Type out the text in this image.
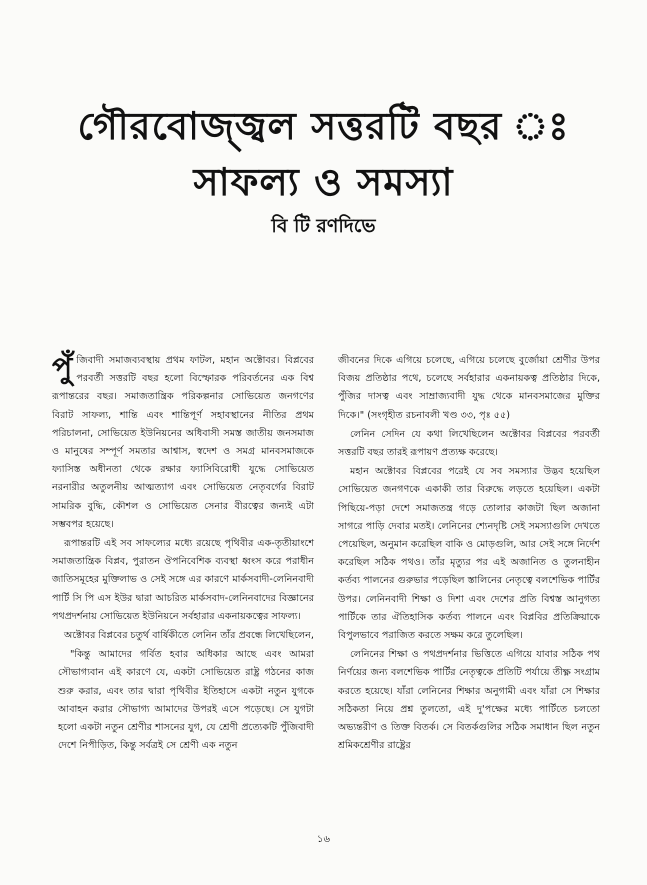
গৌরবোজ্জ্বল সত্তরটি বছর ঃ
সাফল্য ও সমস্যা
বি টি রণদিভে

পুঁজিবাদী সমাজব্যবস্থায় প্রথম ফাটল, মহান অক্টোবর। বিপ্লবের পরবর্তী সত্তরটি বছর হলো বিস্ফোরক পরিবর্তনের এক বিশ্ব রূপান্তরের বছর। সমাজতান্ত্রিক পরিকল্পনার সোভিয়েত জনগণের বিরাট সাফল্য, শান্তি এবং শান্তিপূর্ণ সহাবস্থানের নীতির প্রথম পরিচালনা, সোভিয়েত ইউনিয়নের অধিবাসী সমস্ত জাতীয় জনসমাজ ও মানুষের সম্পূর্ণ সমতার আশ্বাস, স্বদেশ ও সমগ্র মানবসমাজকে ফ্যাসিস্ত অধীনতা থেকে রক্ষার ফ্যাসিবিরোধী যুদ্ধে সোভিয়েত নরনারীর অতুলনীয় আত্মত্যাগ এবং সোভিয়েত নেতৃবর্গের বিরাট সামরিক বুদ্ধি, কৌশল ও সোভিয়েত সেনার বীরত্বের জন্যই এটা সম্ভবপর হয়েছে।

রূপান্তরটি এই সব সাফল্যের মধ্যে রয়েছে পৃথিবীর এক-তৃতীয়াংশে সমাজতান্ত্রিক বিপ্লব, পুরাতন ঔপনিবেশিক ব্যবস্থা ধ্বংস করে পরাধীন জাতিসমূহের মুক্তিলাভ ও সেই সঙ্গে এর কারণে মার্কসবাদী-লেনিনবাদী পার্টি সি পি এস ইউর দ্বারা আচরিত মার্কসবাদ-লেনিনবাদের বিজ্ঞানের পথপ্রদর্শনায় সোভিয়েত ইউনিয়নে সর্বহারার একনায়কত্বের সাফল্য।

অক্টোবর বিপ্লবের চতুর্থ বার্ষিকীতে লেনিন তাঁর প্রবন্ধে লিখেছিলেন,

"কিন্তু আমাদের গর্বিত হবার অধিকার আছে এবং আমরা সৌভাগ্যবান এই কারণে যে, একটা সোভিয়েত রাষ্ট্র গঠনের কাজ শুরু করার, এবং তার দ্বারা পৃথিবীর ইতিহাসে একটা নতুন যুগকে আবাহন করার সৌভাগ্য আমাদের উপরই এসে পড়েছে। সে যুগটা হলো একটা নতুন শ্রেণীর শাসনের যুগ, যে শ্রেণী প্রত্যেকটি পুঁজিবাদী দেশে নিপীড়িত, কিন্তু সর্বত্রই সে শ্রেণী এক নতুন

জীবনের দিকে এগিয়ে চলেছে, এগিয়ে চলেছে বুর্জোয়া শ্রেণীর উপর বিজয় প্রতিষ্ঠার পথে, চলেছে সর্বহারার একনায়কত্ব প্রতিষ্ঠার দিকে, পুঁজির দাসত্ব এবং সাম্রাজ্যবাদী যুদ্ধ থেকে মানবসমাজের মুক্তির দিকে।" (সংগৃহীত রচনাবলী খণ্ড ৩৩, পৃঃ ৫৫)

লেনিন সেদিন যে কথা লিখেছিলেন অক্টোবর বিপ্লবের পরবর্তী সত্তরটি বছর তারই রূপায়ণ প্রত্যক্ষ করেছে।

মহান অক্টোবর বিপ্লবের পরেই যে সব সমস্যার উদ্ভব হয়েছিল সোভিয়েত জনগণকে একাকী তার বিরুদ্ধে লড়তে হয়েছিল। একটা পিছিয়ে-পড়া দেশে সমাজতন্ত্র গড়ে তোলার কাজটা ছিল অজানা সাগরে পাড়ি দেবার মতই। লেনিনের শ্যেনদৃষ্টি সেই সমস্যাগুলি দেখতে পেয়েছিল, অনুমান করেছিল বাকি ও মোড়গুলি, আর সেই সঙ্গে নির্দেশ করেছিল সঠিক পথও। তাঁর মৃত্যুর পর এই অজানিত ও তুলনাহীন কর্তব্য পালনের গুরুভার পড়েছিল স্তালিনের নেতৃত্বে বলশেভিক পার্টির উপর। লেনিনবাদী শিক্ষা ও দিশা এবং দেশের প্রতি বিশ্বস্ত আনুগত্য পার্টিকে তার ঐতিহাসিক কর্তব্য পালনে এবং বিপ্লবির প্রতিক্রিয়াকে বিপুলভাবে পরাজিত করতে সক্ষম করে তুলেছিল।

লেনিনের শিক্ষা ও পথপ্রদর্শনার ভিত্তিতে এগিয়ে যাবার সঠিক পথ নির্ণয়ের জন্য বলশেভিক পার্টির নেতৃত্বকে প্রতিটি পর্যায়ে তীক্ষ্ণ সংগ্রাম করতে হয়েছে। যাঁরা লেনিনের শিক্ষার অনুগামী এবং যাঁরা সে শিক্ষার সঠিকতা নিয়ে প্রশ্ন তুলতো, এই দু'পক্ষের মধ্যে পার্টিতে চলতো অভ্যন্তরীণ ও তিক্ত বিতর্ক। সে বিতর্কগুলির সঠিক সমাধান ছিল নতুন শ্রমিকশ্রেণীর রাষ্ট্রের

১৬
